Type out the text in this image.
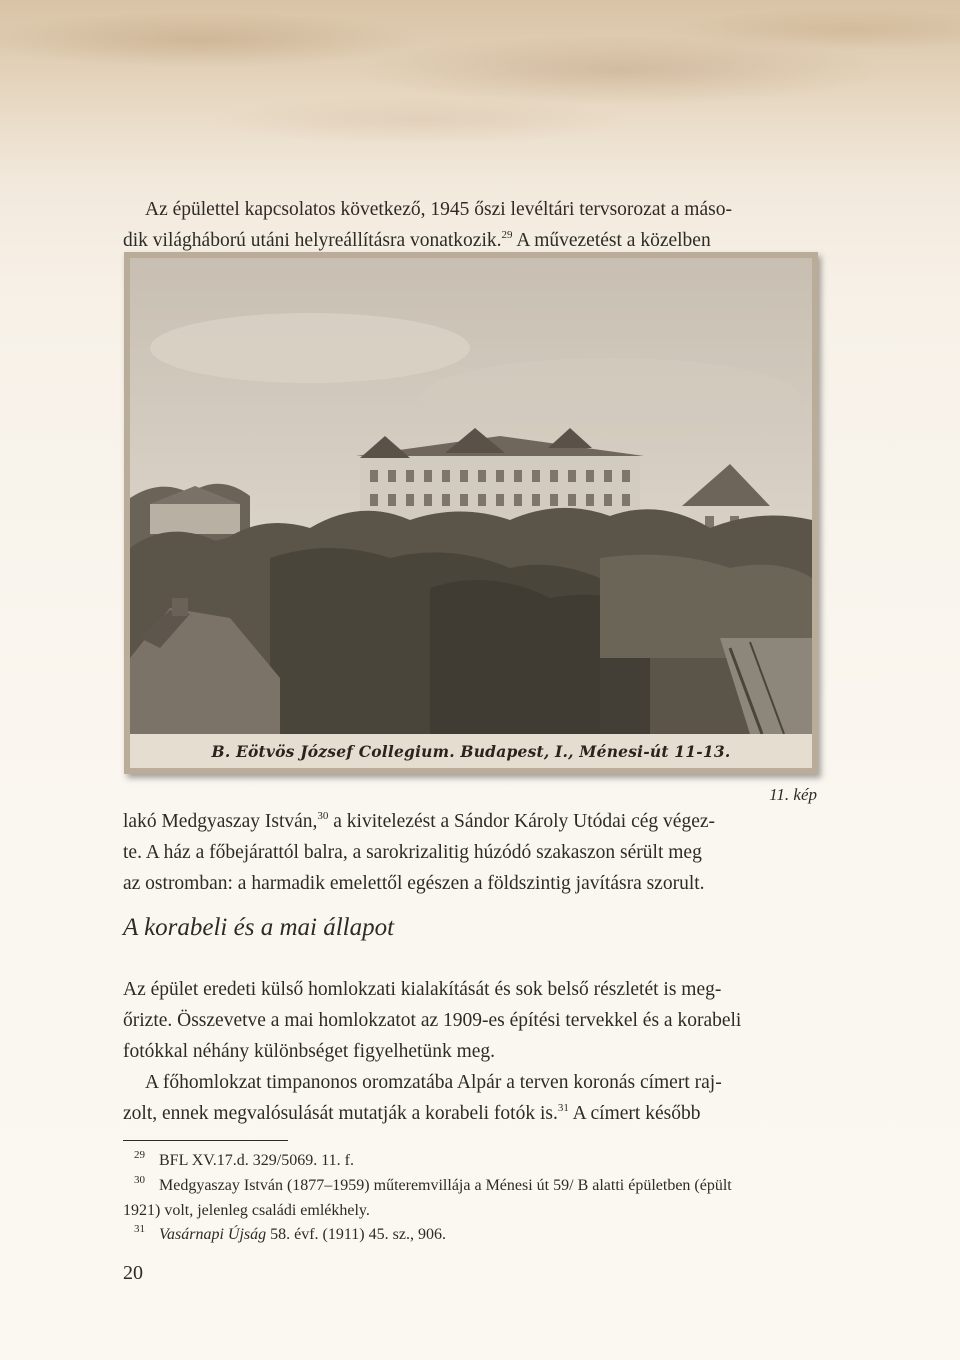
Az épülettel kapcsolatos következő, 1945 őszi levéltári tervsorozat a máso-
dik világháború utáni helyreállításra vonatkozik.$^{29}$ A művezetést a közelben
B. Eötvös József Collegium. Budapest, I., Ménesi-út 11-13.

11. kép

lakó Medgyaszay István,$^{30}$ a kivitelezést a Sándor Károly Utódai cég végez-
te. A ház a főbejárattól balra, a sarokrizalitig húzódó szakaszon sérült meg
az ostromban: a harmadik emelettől egészen a földszintig javításra szorult.
A korabeli és a mai állapot
Az épület eredeti külső homlokzati kialakítását és sok belső részletét is meg-
őrizte. Összevetve a mai homlokzatot az 1909-es építési tervekkel és a korabeli
fotókkal néhány különbséget figyelhetünk meg.
A főhomlokzat timpanonos oromzatába Alpár a terven koronás címert raj-
zolt, ennek megvalósulását mutatják a korabeli fotók is.$^{31}$ A címert később
29 BFL XV.17.d. 329/5069. 11. f.
30 Medgyaszay István (1877–1959) műteremvillája a Ménesi út 59/ B alatti épületben (épült
1921) volt, jelenleg családi emlékhely.
31 Vasárnapi Újság 58. évf. (1911) 45. sz., 906.

20
